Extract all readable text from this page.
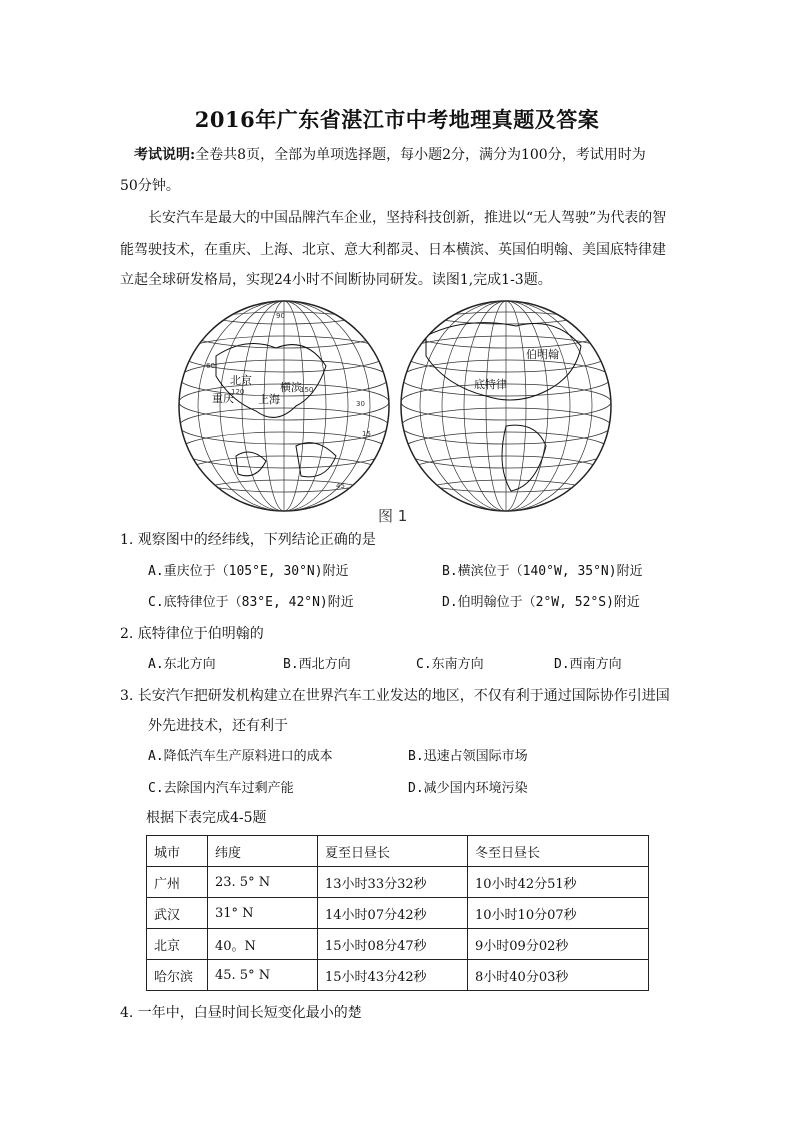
2016年广东省湛江市中考地理真题及答案
考试说明:全卷共8页，全部为单项选择题，每小题2分，满分为100分，考试用时为
50分钟。
长安汽车是最大的中国品牌汽车企业，坚持科技创新，推进以“无人驾驶”为代表的智
能驾驶技术，在重庆、上海、北京、意大利都灵、日本横滨、英国伯明翰、美国底特律建
立起全球研发格局，实现24小时不间断协同研发。读图1,完成1-3题。
北京
横滨
重庆 上海
90
60
30
15
45
120	150
伯明翰
底特律
图 1
1. 观察图中的经纬线，下列结论正确的是
A.重庆位于（105°E, 30°N)附近	B.横滨位于（140°W, 35°N)附近
C.底特律位于（83°E, 42°N)附近	D.伯明翰位于（2°W, 52°S)附近
2. 底特律位于伯明翰的
A.东北方向	B.西北方向	C.东南方向	D.西南方向
3. 长安汽乍把研发机构建立在世界汽车工业发达的地区，不仅有利于通过国际协作引进国
外先进技术，还有利于
A.降低汽车生产原料进口的成本	B.迅速占领国际市场
C.去除国内汽车过剩产能	D.减少国内环境污染
根据下表完成4-5题
城市	纬度	夏至日昼长	冬至日昼长
广州	23. 5° N	13小时33分32秒	10小时42分51秒
武汉	31° N	14小时07分42秒	10小时10分07秒
北京	40。N	15小时08分47秒	9小时09分02秒
哈尔滨	45. 5° N	15小时43分42秒	8小时40分03秒
4. 一年中，白昼时间长短变化最小的楚
